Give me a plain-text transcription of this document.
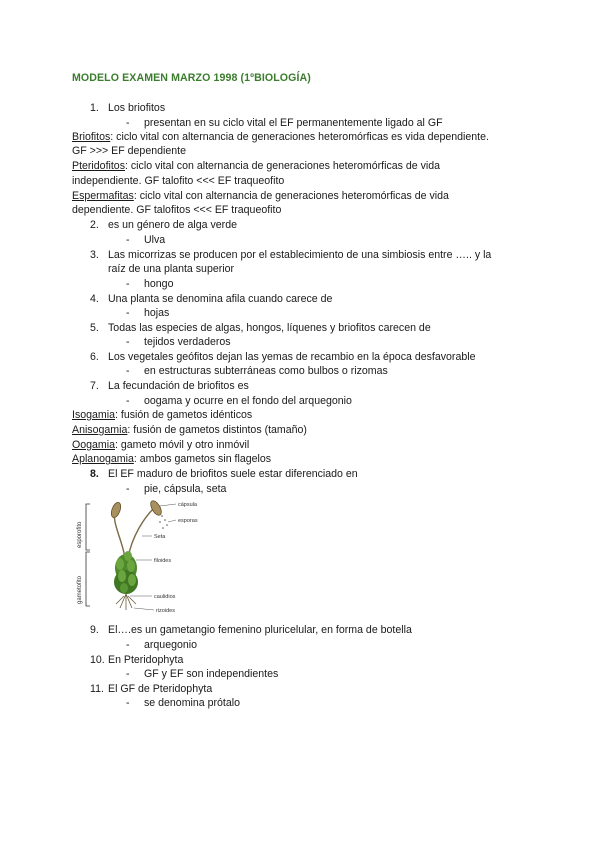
MODELO EXAMEN MARZO 1998 (1ºBIOLOGÍA)
1. Los briofitos
- presentan en su ciclo vital el EF permanentemente ligado al GF
Briofitos: ciclo vital con alternancia de generaciones heteromórficas es vida dependiente.
GF >>> EF dependiente
Pteridofitos: ciclo vital con alternancia de generaciones heteromórficas de vida
independiente. GF talofito <<< EF traqueofito
Espermafitas: ciclo vital con alternancia de generaciones heteromórficas de vida
dependiente. GF talofitos <<< EF traqueofito
2. es un género de alga verde
- Ulva
3. Las micorrizas se producen por el establecimiento de una simbiosis entre ….. y la
raíz de una planta superior
- hongo
4. Una planta se denomina afila cuando carece de
- hojas
5. Todas las especies de algas, hongos, líquenes y briofitos carecen de
- tejidos verdaderos
6. Los vegetales geófitos dejan las yemas de recambio en la época desfavorable
- en estructuras subterráneas como bulbos o rizomas
7. La fecundación de briofitos es
- oogama y ocurre en el fondo del arquegonio
Isogamia: fusión de gametos idénticos
Anisogamia: fusión de gametos distintos (tamaño)
Oogamia: gameto móvil y otro inmóvil
Aplanogamia: ambos gametos sin flagelos
8. El EF maduro de briofitos suele estar diferenciado en
- pie, cápsula, seta
esporofito
gametofito
cápsula
esporas
Seta
filoides
caulidios
rizoides
9. El….es un gametangio femenino pluricelular, en forma de botella
- arquegonio
10. En Pteridophyta
- GF y EF son independientes
11. El GF de Pteridophyta
- se denomina prótalo
